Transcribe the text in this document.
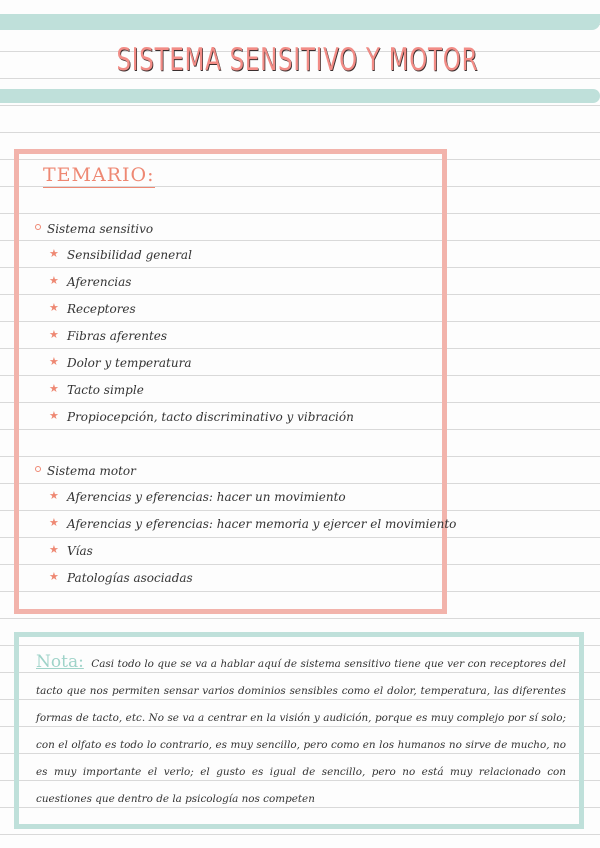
SISTEMA SENSITIVO Y MOTOR
TEMARIO:
Sistema sensitivo
★ Sensibilidad general
★ Aferencias
★ Receptores
★ Fibras aferentes
★ Dolor y temperatura
★ Tacto simple
★ Propiocepción, tacto discriminativo y vibración
Sistema motor
★ Aferencias y eferencias: hacer un movimiento
★ Aferencias y eferencias: hacer memoria y ejercer el movimiento
★ Vías
★ Patologías asociadas
Nota: Casi todo lo que se va a hablar aquí de sistema sensitivo tiene que ver con receptores del tacto que nos permiten sensar varios dominios sensibles como el dolor, temperatura, las diferentes formas de tacto, etc. No se va a centrar en la visión y audición, porque es muy complejo por sí solo; con el olfato es todo lo contrario, es muy sencillo, pero como en los humanos no sirve de mucho, no es muy importante el verlo; el gusto es igual de sencillo, pero no está muy relacionado con cuestiones que dentro de la psicología nos competen
